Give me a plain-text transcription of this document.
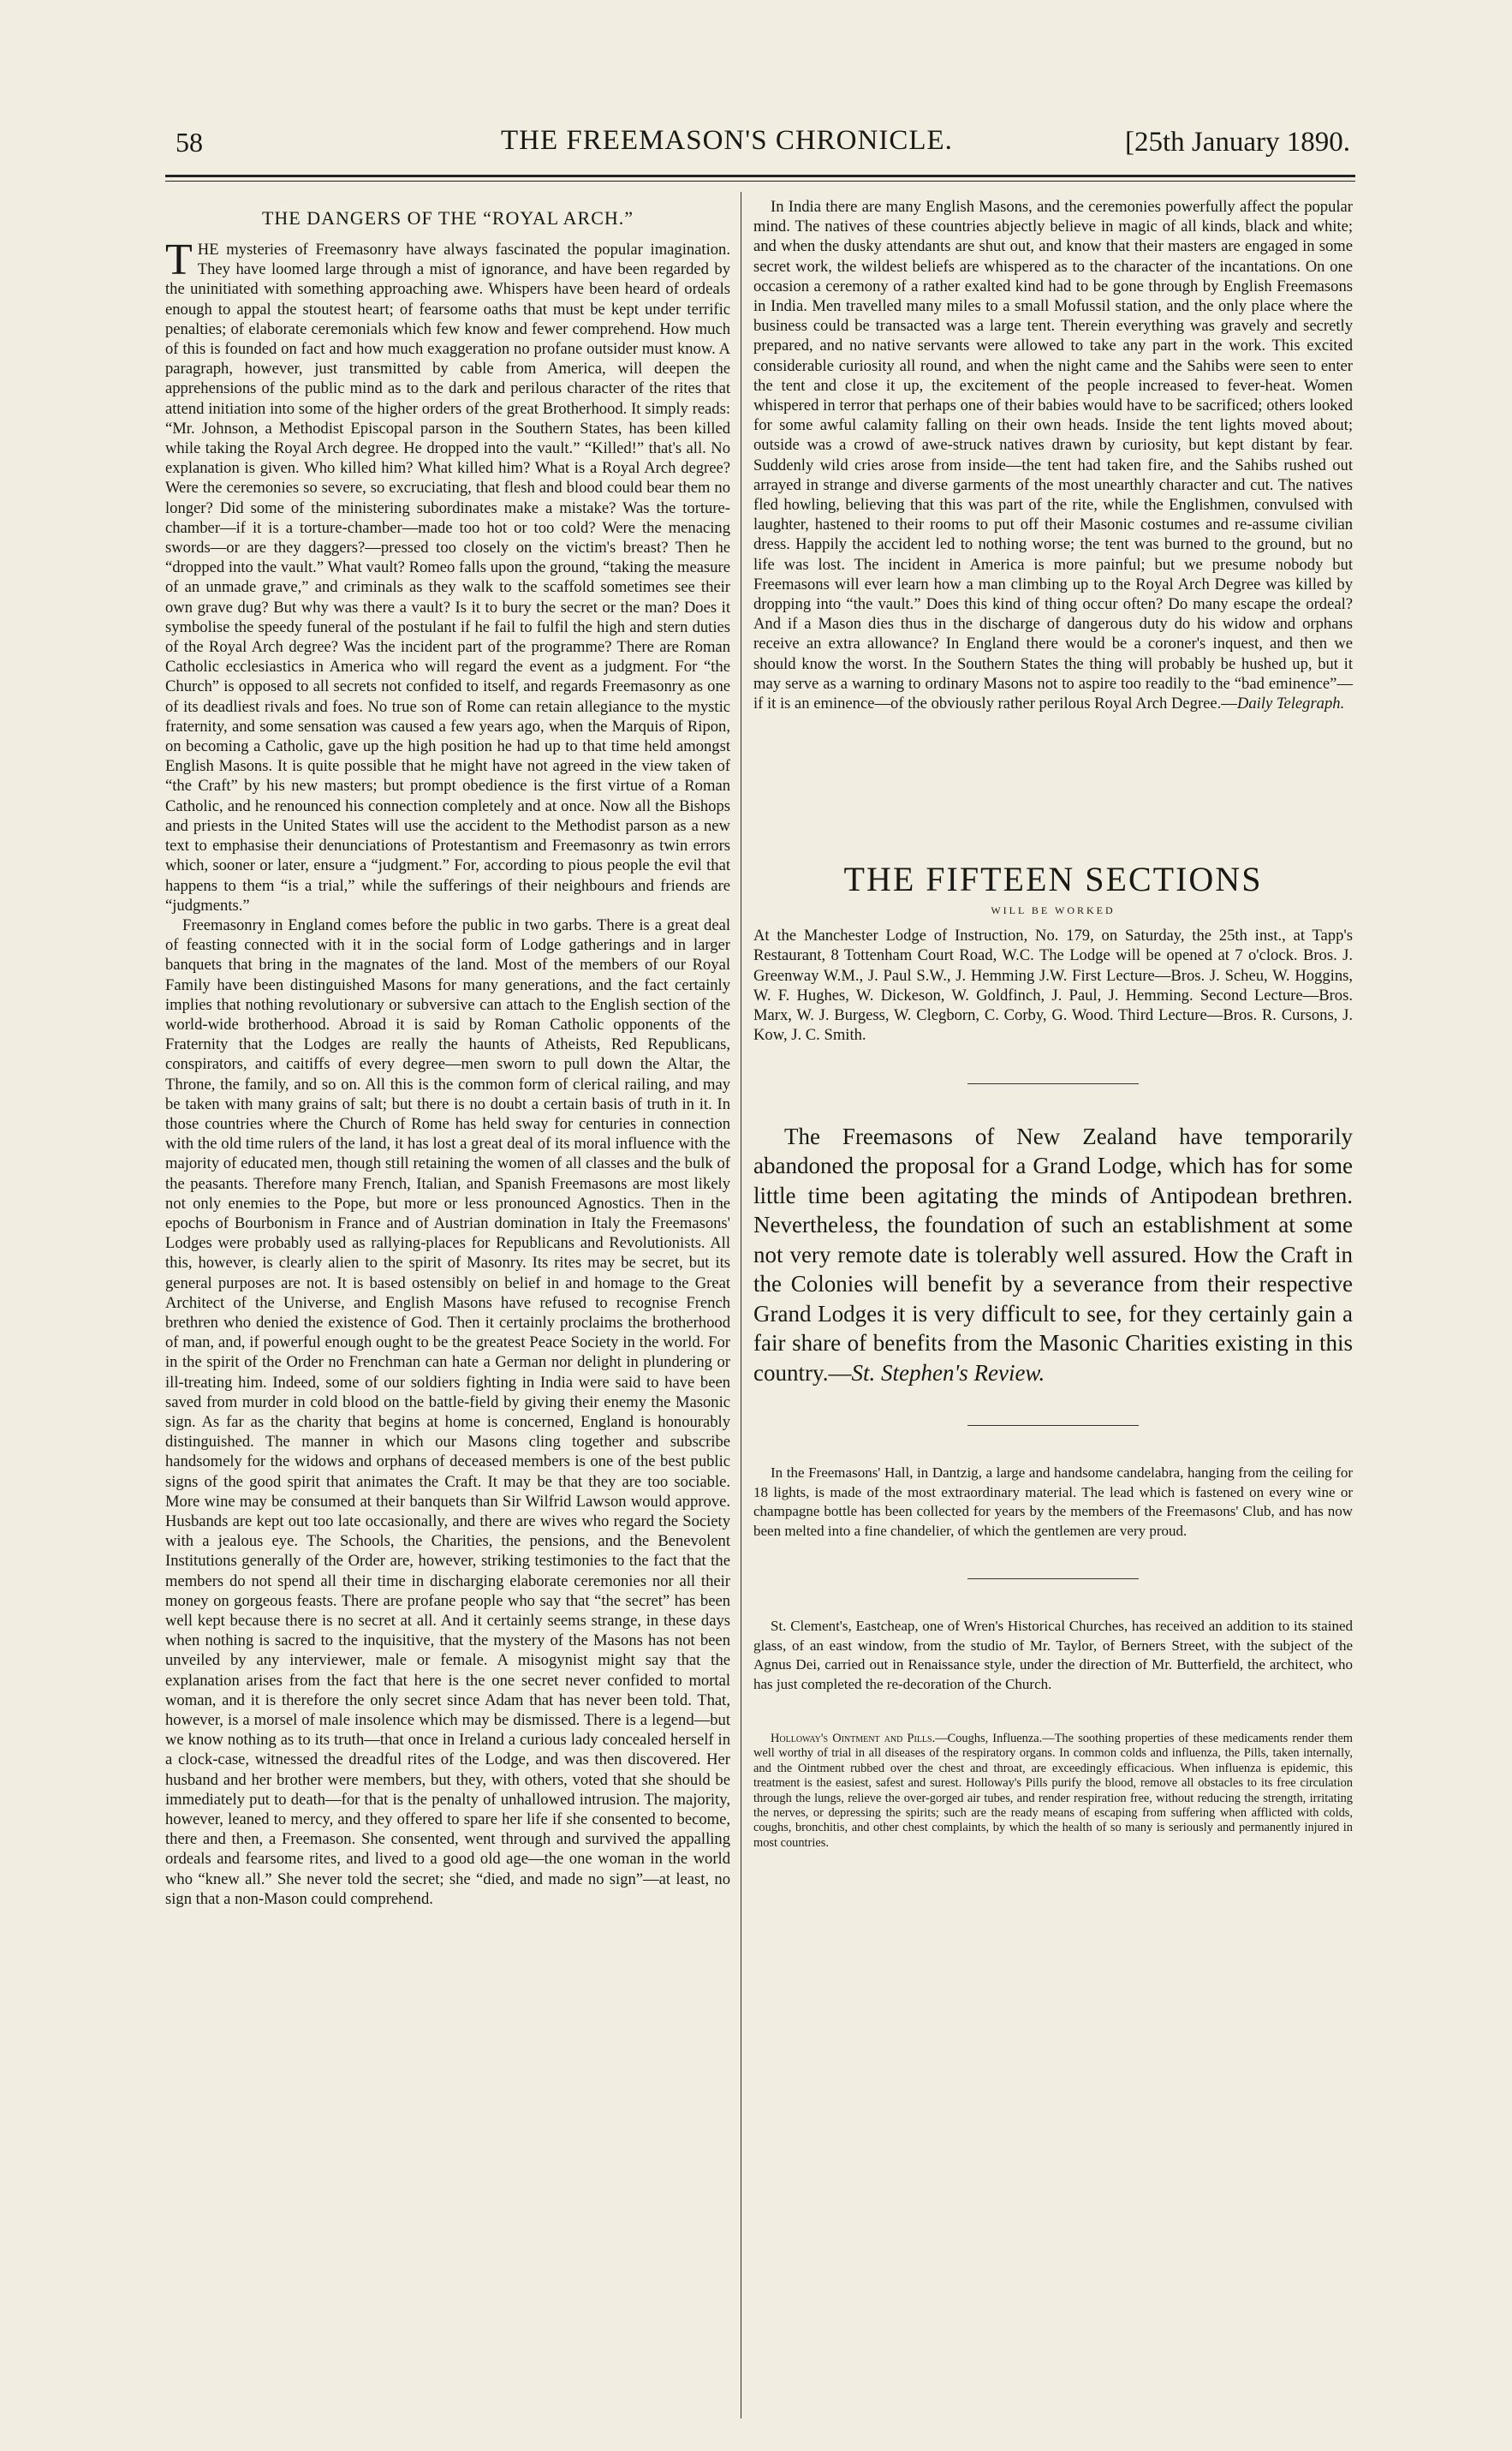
58	THE FREEMASON'S CHRONICLE.	[25th January 1890.
THE DANGERS OF THE “ROYAL ARCH.”

THE mysteries of Freemasonry have always fascinated the popular imagination. They have loomed large through a mist of ignorance, and have been regarded by the uninitiated with something approaching awe. Whispers have been heard of ordeals enough to appal the stoutest heart; of fearsome oaths that must be kept under terrific penalties; of elaborate ceremonials which few know and fewer comprehend. How much of this is founded on fact and how much exaggeration no profane outsider must know. A paragraph, however, just transmitted by cable from America, will deepen the apprehensions of the public mind as to the dark and perilous character of the rites that attend initiation into some of the higher orders of the great Brotherhood. It simply reads: “Mr. Johnson, a Methodist Episcopal parson in the Southern States, has been killed while taking the Royal Arch degree. He dropped into the vault.” “Killed!” that's all. No explanation is given. Who killed him? What killed him? What is a Royal Arch degree? Were the ceremonies so severe, so excruciating, that flesh and blood could bear them no longer? Did some of the ministering subordinates make a mistake? Was the torture-chamber—if it is a torture-chamber—made too hot or too cold? Were the menacing swords—or are they daggers?—pressed too closely on the victim's breast? Then he “dropped into the vault.” What vault? Romeo falls upon the ground, “taking the measure of an unmade grave,” and criminals as they walk to the scaffold sometimes see their own grave dug? But why was there a vault? Is it to bury the secret or the man? Does it symbolise the speedy funeral of the postulant if he fail to fulfil the high and stern duties of the Royal Arch degree? Was the incident part of the programme? There are Roman Catholic ecclesiastics in America who will regard the event as a judgment. For “the Church” is opposed to all secrets not confided to itself, and regards Freemasonry as one of its deadliest rivals and foes. No true son of Rome can retain allegiance to the mystic fraternity, and some sensation was caused a few years ago, when the Marquis of Ripon, on becoming a Catholic, gave up the high position he had up to that time held amongst English Masons. It is quite possible that he might have not agreed in the view taken of “the Craft” by his new masters; but prompt obedience is the first virtue of a Roman Catholic, and he renounced his connection completely and at once. Now all the Bishops and priests in the United States will use the accident to the Methodist parson as a new text to emphasise their denunciations of Protestantism and Freemasonry as twin errors which, sooner or later, ensure a “judgment.” For, according to pious people the evil that happens to them “is a trial,” while the sufferings of their neighbours and friends are “judgments.”

Freemasonry in England comes before the public in two garbs. There is a great deal of feasting connected with it in the social form of Lodge gatherings and in larger banquets that bring in the magnates of the land. Most of the members of our Royal Family have been distinguished Masons for many generations, and the fact certainly implies that nothing revolutionary or subversive can attach to the English section of the world-wide brotherhood. Abroad it is said by Roman Catholic opponents of the Fraternity that the Lodges are really the haunts of Atheists, Red Republicans, conspirators, and caitiffs of every degree—men sworn to pull down the Altar, the Throne, the family, and so on. All this is the common form of clerical railing, and may be taken with many grains of salt; but there is no doubt a certain basis of truth in it. In those countries where the Church of Rome has held sway for centuries in connection with the old time rulers of the land, it has lost a great deal of its moral influence with the majority of educated men, though still retaining the women of all classes and the bulk of the peasants. Therefore many French, Italian, and Spanish Freemasons are most likely not only enemies to the Pope, but more or less pronounced Agnostics. Then in the epochs of Bourbonism in France and of Austrian domination in Italy the Freemasons' Lodges were probably used as rallying-places for Republicans and Revolutionists. All this, however, is clearly alien to the spirit of Masonry. Its rites may be secret, but its general purposes are not. It is based ostensibly on belief in and homage to the Great Architect of the Universe, and English Masons have refused to recognise French brethren who denied the existence of God. Then it certainly proclaims the brotherhood of man, and, if powerful enough ought to be the greatest Peace Society in the world. For in the spirit of the Order no Frenchman can hate a German nor delight in plundering or ill-treating him. Indeed, some of our soldiers fighting in India were said to have been saved from murder in cold blood on the battle-field by giving their enemy the Masonic sign. As far as the charity that begins at home is concerned, England is honourably distinguished. The manner in which our Masons cling together and subscribe handsomely for the widows and orphans of deceased members is one of the best public signs of the good spirit that animates the Craft. It may be that they are too sociable. More wine may be consumed at their banquets than Sir Wilfrid Lawson would approve. Husbands are kept out too late occasionally, and there are wives who regard the Society with a jealous eye. The Schools, the Charities, the pensions, and the Benevolent Institutions generally of the Order are, however, striking testimonies to the fact that the members do not spend all their time in discharging elaborate ceremonies nor all their money on gorgeous feasts. There are profane people who say that “the secret” has been well kept because there is no secret at all. And it certainly seems strange, in these days when nothing is sacred to the inquisitive, that the mystery of the Masons has not been unveiled by any interviewer, male or female. A misogynist might say that the explanation arises from the fact that here is the one secret never confided to mortal woman, and it is therefore the only secret since Adam that has never been told. That, however, is a morsel of male insolence which may be dismissed. There is a legend—but we know nothing as to its truth—that once in Ireland a curious lady concealed herself in a clock-case, witnessed the dreadful rites of the Lodge, and was then discovered. Her husband and her brother were members, but they, with others, voted that she should be immediately put to death—for that is the penalty of unhallowed intrusion. The majority, however, leaned to mercy, and they offered to spare her life if she consented to become, there and then, a Freemason. She consented, went through and survived the appalling ordeals and fearsome rites, and lived to a good old age—the one woman in the world who “knew all.” She never told the secret; she “died, and made no sign”—at least, no sign that a non-Mason could comprehend.

In India there are many English Masons, and the ceremonies powerfully affect the popular mind. The natives of these countries abjectly believe in magic of all kinds, black and white; and when the dusky attendants are shut out, and know that their masters are engaged in some secret work, the wildest beliefs are whispered as to the character of the incantations. On one occasion a ceremony of a rather exalted kind had to be gone through by English Freemasons in India. Men travelled many miles to a small Mofussil station, and the only place where the business could be transacted was a large tent. Therein everything was gravely and secretly prepared, and no native servants were allowed to take any part in the work. This excited considerable curiosity all round, and when the night came and the Sahibs were seen to enter the tent and close it up, the excitement of the people increased to fever-heat. Women whispered in terror that perhaps one of their babies would have to be sacrificed; others looked for some awful calamity falling on their own heads. Inside the tent lights moved about; outside was a crowd of awe-struck natives drawn by curiosity, but kept distant by fear. Suddenly wild cries arose from inside—the tent had taken fire, and the Sahibs rushed out arrayed in strange and diverse garments of the most unearthly character and cut. The natives fled howling, believing that this was part of the rite, while the Englishmen, convulsed with laughter, hastened to their rooms to put off their Masonic costumes and re-assume civilian dress. Happily the accident led to nothing worse; the tent was burned to the ground, but no life was lost. The incident in America is more painful; but we presume nobody but Freemasons will ever learn how a man climbing up to the Royal Arch Degree was killed by dropping into “the vault.” Does this kind of thing occur often? Do many escape the ordeal? And if a Mason dies thus in the discharge of dangerous duty do his widow and orphans receive an extra allowance? In England there would be a coroner's inquest, and then we should know the worst. In the Southern States the thing will probably be hushed up, but it may serve as a warning to ordinary Masons not to aspire too readily to the “bad eminence”—if it is an eminence—of the obviously rather perilous Royal Arch Degree.—Daily Telegraph.

THE FIFTEEN SECTIONS
WILL BE WORKED

At the Manchester Lodge of Instruction, No. 179, on Saturday, the 25th inst., at Tapp's Restaurant, 8 Tottenham Court Road, W.C. The Lodge will be opened at 7 o'clock. Bros. J. Greenway W.M., J. Paul S.W., J. Hemming J.W. First Lecture—Bros. J. Scheu, W. Hoggins, W. F. Hughes, W. Dickeson, W. Goldfinch, J. Paul, J. Hemming. Second Lecture—Bros. Marx, W. J. Burgess, W. Clegborn, C. Corby, G. Wood. Third Lecture—Bros. R. Cursons, J. Kow, J. C. Smith.

The Freemasons of New Zealand have temporarily abandoned the proposal for a Grand Lodge, which has for some little time been agitating the minds of Antipodean brethren. Nevertheless, the foundation of such an establishment at some not very remote date is tolerably well assured. How the Craft in the Colonies will benefit by a severance from their respective Grand Lodges it is very difficult to see, for they certainly gain a fair share of benefits from the Masonic Charities existing in this country.—St. Stephen's Review.

In the Freemasons' Hall, in Dantzig, a large and handsome candelabra, hanging from the ceiling for 18 lights, is made of the most extraordinary material. The lead which is fastened on every wine or champagne bottle has been collected for years by the members of the Freemasons' Club, and has now been melted into a fine chandelier, of which the gentlemen are very proud.

St. Clement's, Eastcheap, one of Wren's Historical Churches, has received an addition to its stained glass, of an east window, from the studio of Mr. Taylor, of Berners Street, with the subject of the Agnus Dei, carried out in Renaissance style, under the direction of Mr. Butterfield, the architect, who has just completed the re-decoration of the Church.

Holloway's Ointment and Pills.—Coughs, Influenza.—The soothing properties of these medicaments render them well worthy of trial in all diseases of the respiratory organs. In common colds and influenza, the Pills, taken internally, and the Ointment rubbed over the chest and throat, are exceedingly efficacious. When influenza is epidemic, this treatment is the easiest, safest and surest. Holloway's Pills purify the blood, remove all obstacles to its free circulation through the lungs, relieve the over-gorged air tubes, and render respiration free, without reducing the strength, irritating the nerves, or depressing the spirits; such are the ready means of escaping from suffering when afflicted with colds, coughs, bronchitis, and other chest complaints, by which the health of so many is seriously and permanently injured in most countries.
